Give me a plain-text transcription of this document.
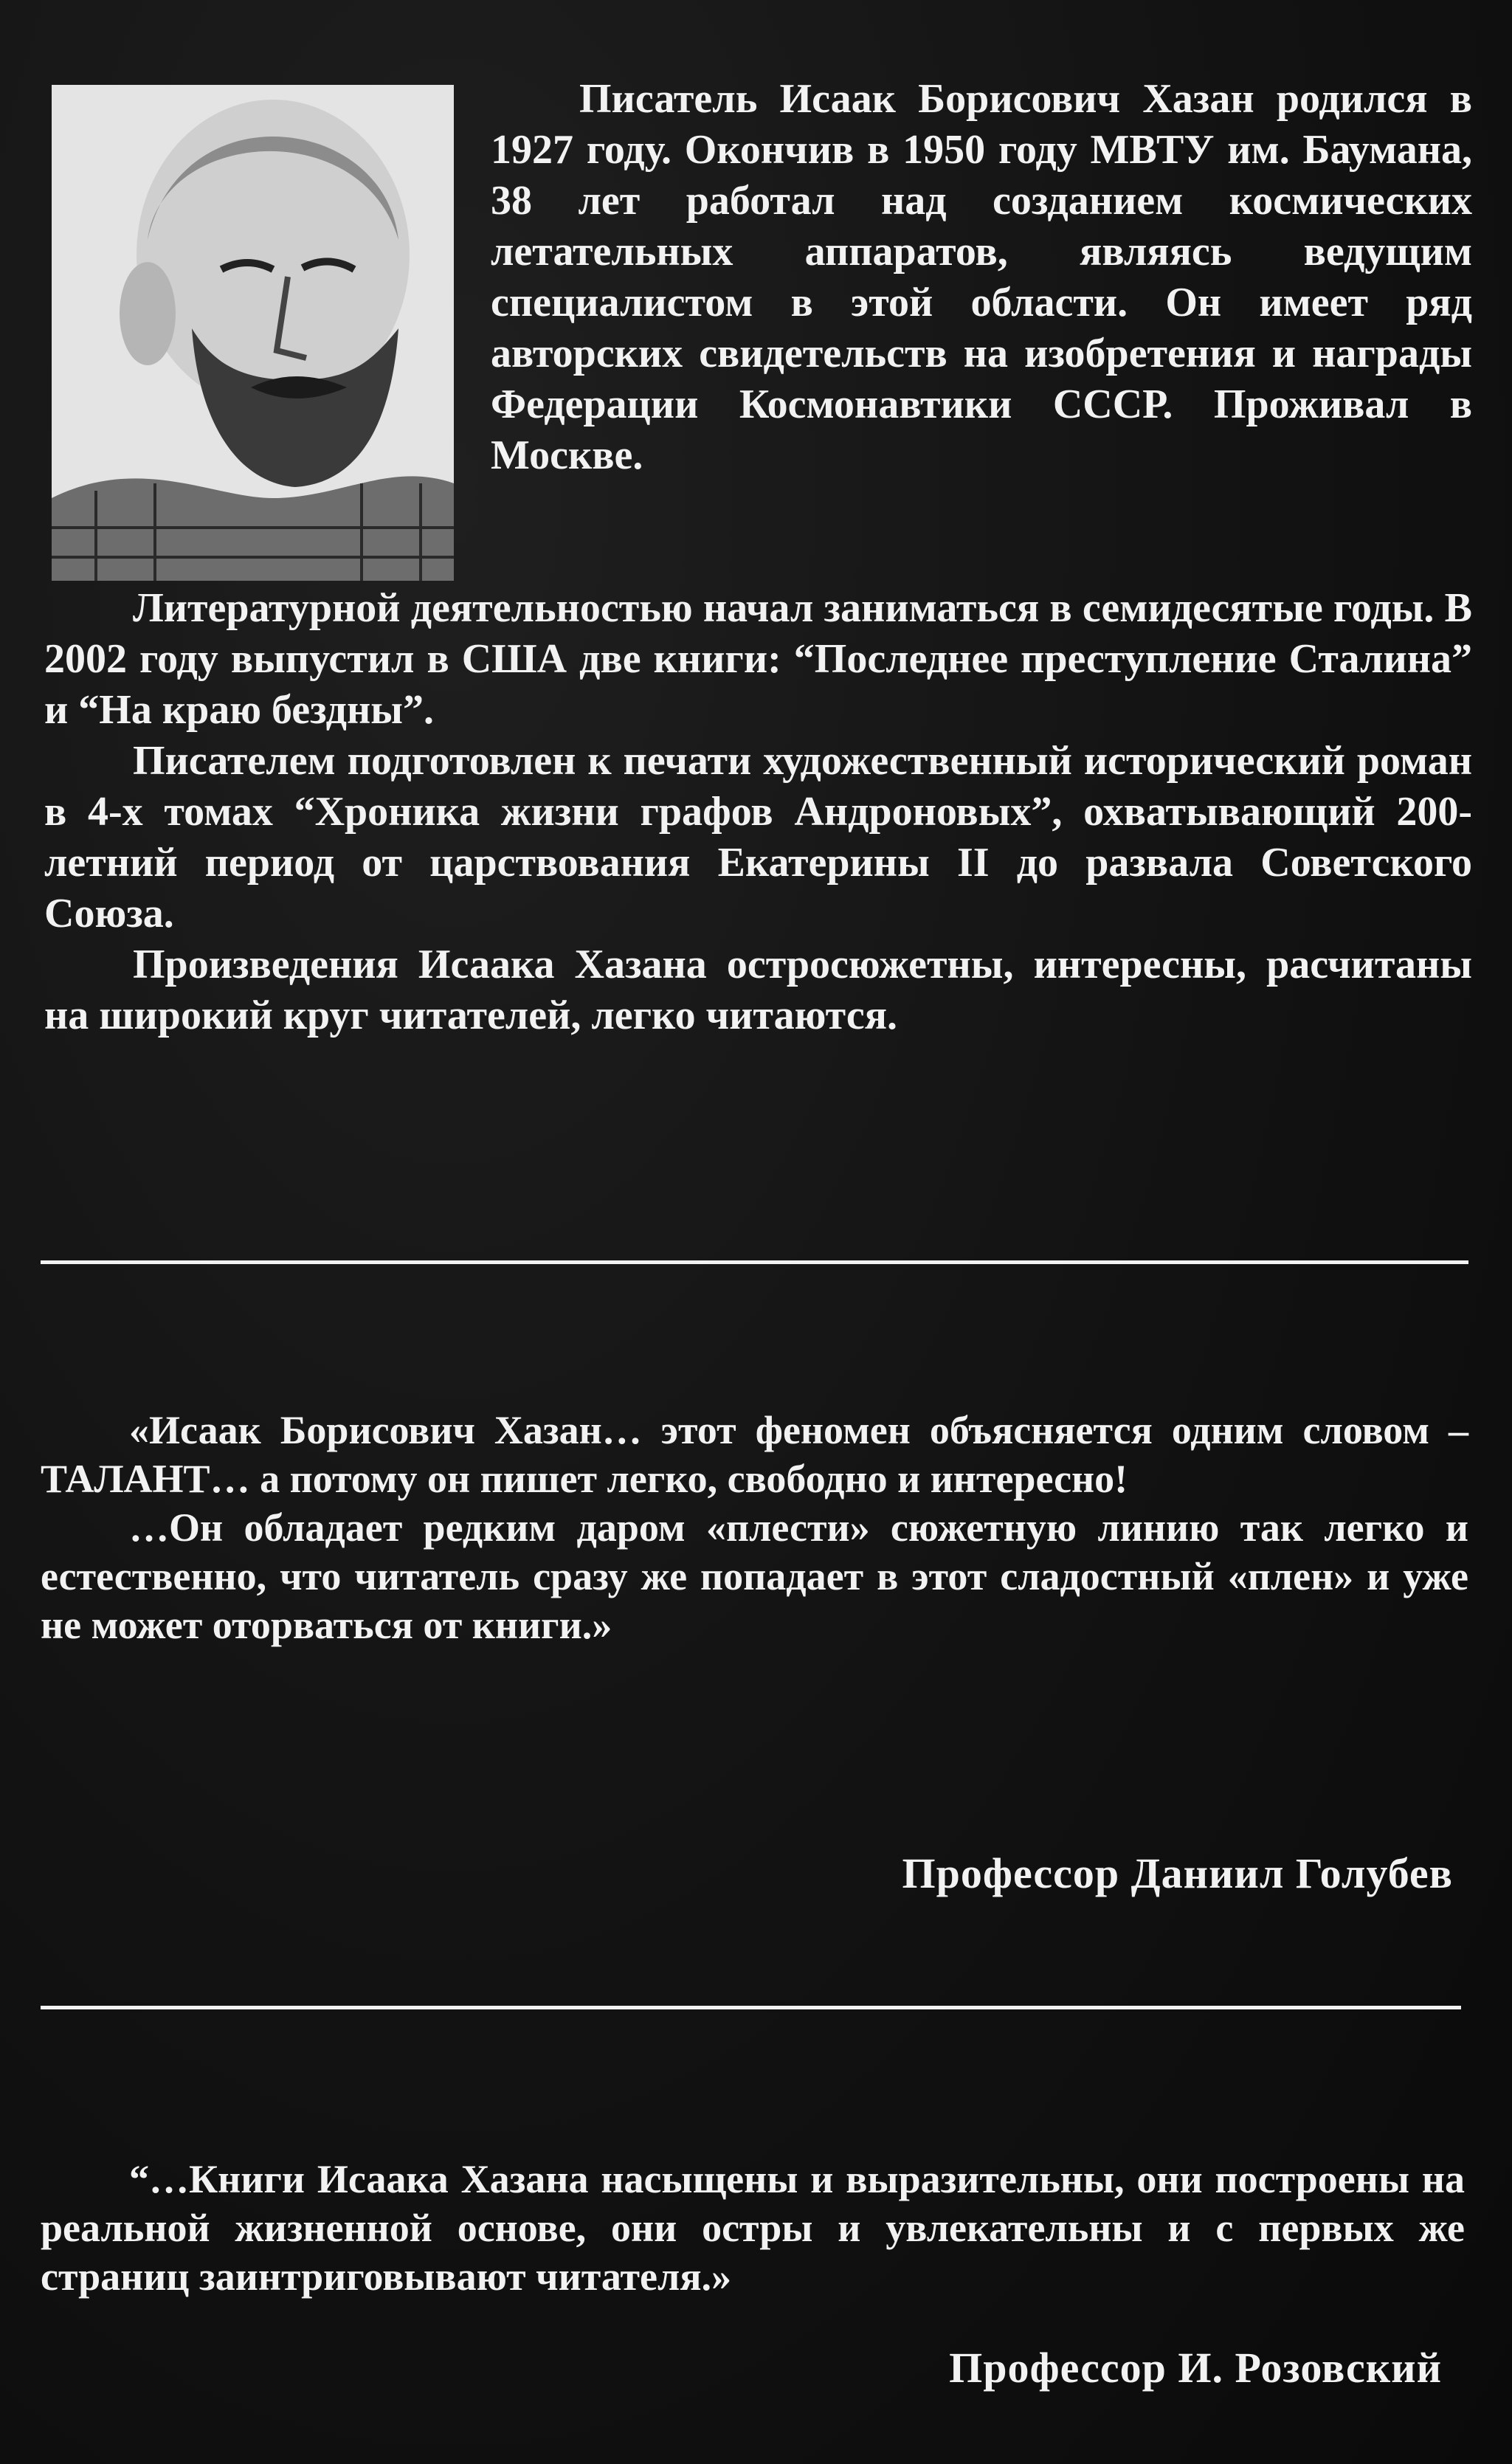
Писатель Исаак Борисович Хазан родился в 1927 году. Окончив в 1950 году МВТУ им. Баумана, 38 лет работал над созданием космических летательных аппаратов, являясь ведущим специалистом в этой области. Он имеет ряд авторских свидетельств на изобретения и награды Федерации Космонавтики СССР. Проживал в Москве.

Литературной деятельностью начал заниматься в семидесятые годы. В 2002 году выпустил в США две книги: “Последнее преступление Сталина” и “На краю бездны”.

Писателем подготовлен к печати художественный исторический роман в 4-х томах “Хроника жизни графов Андроновых”, охватывающий 200-летний период от царствования Екатерины II до развала Советского Союза.

Произведения Исаака Хазана остросюжетны, интересны, расчитаны на широкий круг читателей, легко читаются.

«Исаак Борисович Хазан… этот феномен объясняется одним словом – ТАЛАНТ… а потому он пишет легко, свободно и интересно!

…Он обладает редким даром «плести» сюжетную линию так легко и естественно, что читатель сразу же попадает в этот сладостный «плен» и уже не может оторваться от книги.»

Профессор Даниил Голубев

“…Книги Исаака Хазана насыщены и выразительны, они построены на реальной жизненной основе, они остры и увлекательны и с первых же страниц заинтриговывают читателя.»

Профессор И. Розовский
